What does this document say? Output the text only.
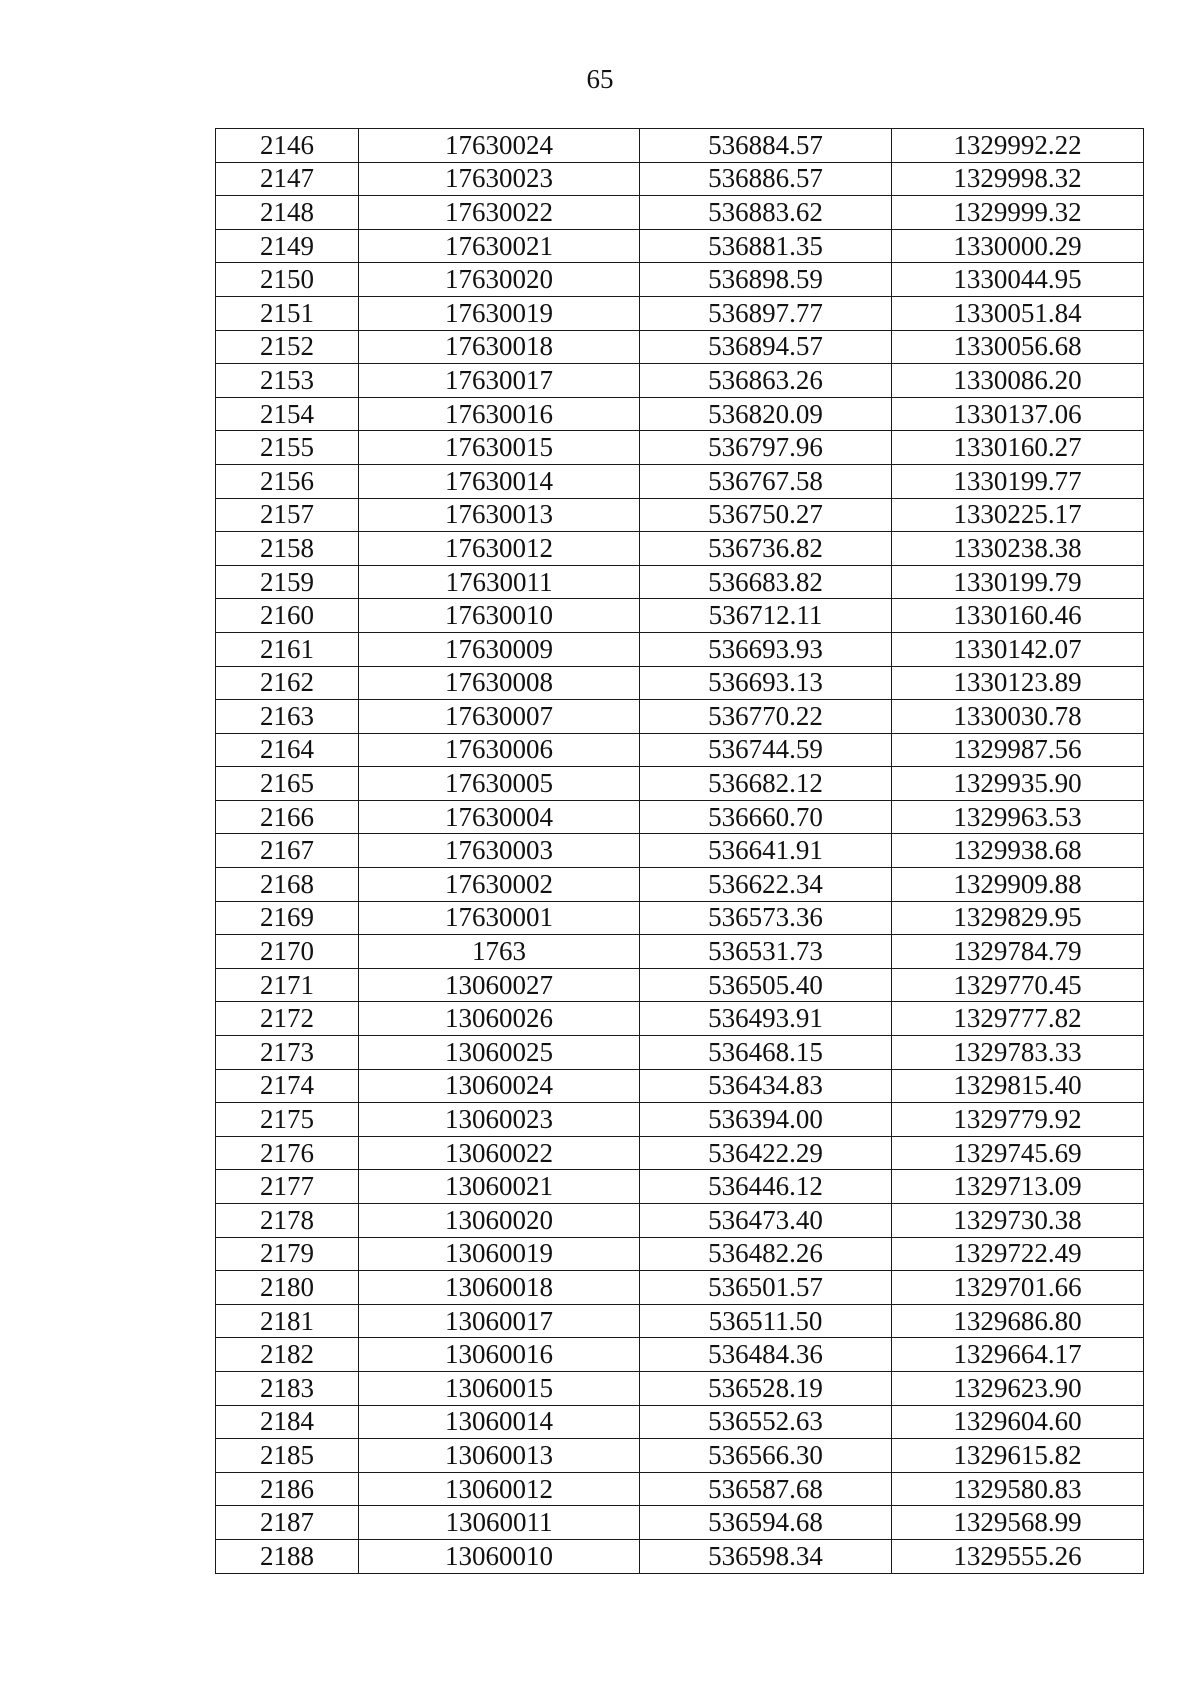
65
2146	17630024	536884.57	1329992.22
2147	17630023	536886.57	1329998.32
2148	17630022	536883.62	1329999.32
2149	17630021	536881.35	1330000.29
2150	17630020	536898.59	1330044.95
2151	17630019	536897.77	1330051.84
2152	17630018	536894.57	1330056.68
2153	17630017	536863.26	1330086.20
2154	17630016	536820.09	1330137.06
2155	17630015	536797.96	1330160.27
2156	17630014	536767.58	1330199.77
2157	17630013	536750.27	1330225.17
2158	17630012	536736.82	1330238.38
2159	17630011	536683.82	1330199.79
2160	17630010	536712.11	1330160.46
2161	17630009	536693.93	1330142.07
2162	17630008	536693.13	1330123.89
2163	17630007	536770.22	1330030.78
2164	17630006	536744.59	1329987.56
2165	17630005	536682.12	1329935.90
2166	17630004	536660.70	1329963.53
2167	17630003	536641.91	1329938.68
2168	17630002	536622.34	1329909.88
2169	17630001	536573.36	1329829.95
2170	1763	536531.73	1329784.79
2171	13060027	536505.40	1329770.45
2172	13060026	536493.91	1329777.82
2173	13060025	536468.15	1329783.33
2174	13060024	536434.83	1329815.40
2175	13060023	536394.00	1329779.92
2176	13060022	536422.29	1329745.69
2177	13060021	536446.12	1329713.09
2178	13060020	536473.40	1329730.38
2179	13060019	536482.26	1329722.49
2180	13060018	536501.57	1329701.66
2181	13060017	536511.50	1329686.80
2182	13060016	536484.36	1329664.17
2183	13060015	536528.19	1329623.90
2184	13060014	536552.63	1329604.60
2185	13060013	536566.30	1329615.82
2186	13060012	536587.68	1329580.83
2187	13060011	536594.68	1329568.99
2188	13060010	536598.34	1329555.26
